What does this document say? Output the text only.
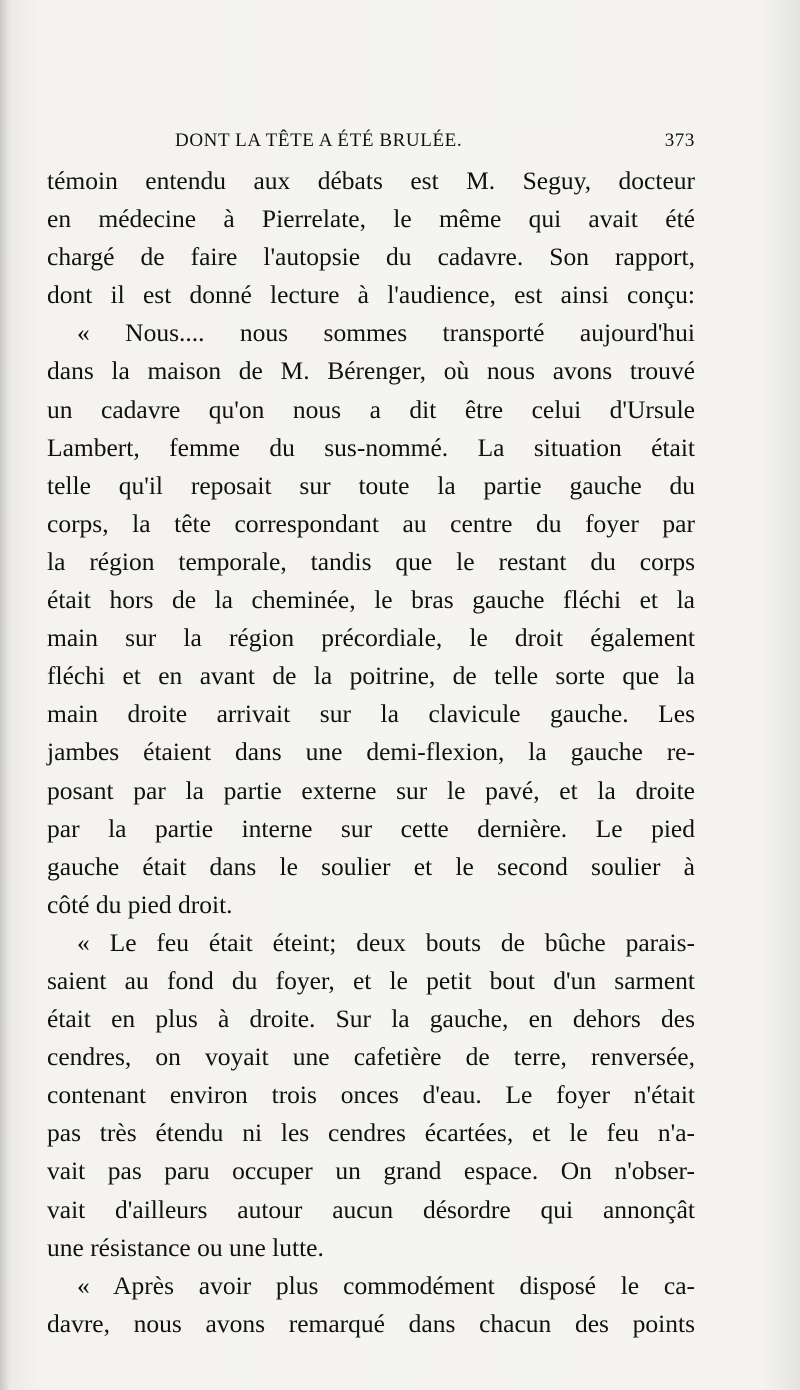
DONT LA TÊTE A ÉTÉ BRULÉE.	373
témoin entendu aux débats est M. Seguy, docteur
en médecine à Pierrelate, le même qui avait été
chargé de faire l'autopsie du cadavre. Son rapport,
dont il est donné lecture à l'audience, est ainsi conçu:
« Nous.... nous sommes transporté aujourd'hui
dans la maison de M. Bérenger, où nous avons trouvé
un cadavre qu'on nous a dit être celui d'Ursule
Lambert, femme du sus-nommé. La situation était
telle qu'il reposait sur toute la partie gauche du
corps, la tête correspondant au centre du foyer par
la région temporale, tandis que le restant du corps
était hors de la cheminée, le bras gauche fléchi et la
main sur la région précordiale, le droit également
fléchi et en avant de la poitrine, de telle sorte que la
main droite arrivait sur la clavicule gauche. Les
jambes étaient dans une demi-flexion, la gauche re-
posant par la partie externe sur le pavé, et la droite
par la partie interne sur cette dernière. Le pied
gauche était dans le soulier et le second soulier à
côté du pied droit.
« Le feu était éteint; deux bouts de bûche parais-
saient au fond du foyer, et le petit bout d'un sarment
était en plus à droite. Sur la gauche, en dehors des
cendres, on voyait une cafetière de terre, renversée,
contenant environ trois onces d'eau. Le foyer n'était
pas très étendu ni les cendres écartées, et le feu n'a-
vait pas paru occuper un grand espace. On n'obser-
vait d'ailleurs autour aucun désordre qui annonçât
une résistance ou une lutte.
« Après avoir plus commodément disposé le ca-
davre, nous avons remarqué dans chacun des points
